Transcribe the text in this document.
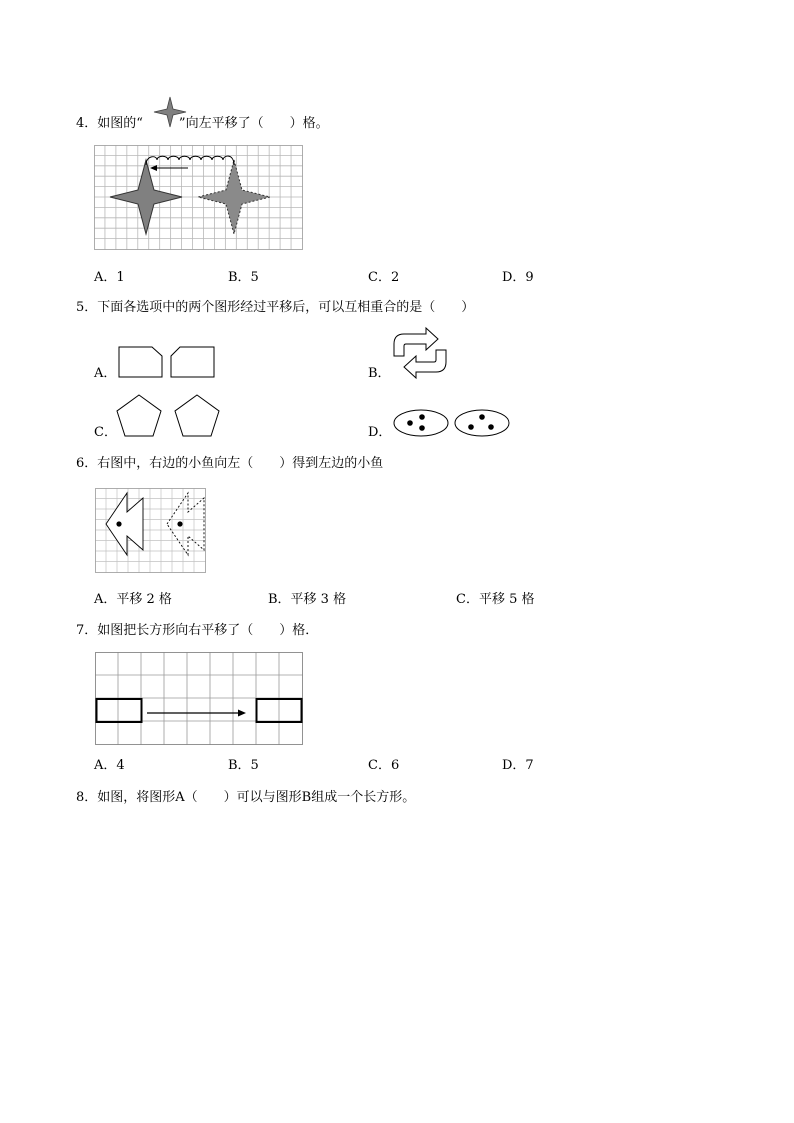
4．如图的“	”向左平移了（　　）格。
A．1	B．5	C．2	D．9
5．下面各选项中的两个图形经过平移后，可以互相重合的是（　　）
A．	B．
C．	D．
6．右图中，右边的小鱼向左（　　）得到左边的小鱼
A．平移 2 格	B．平移 3 格	C．平移 5 格
7．如图把长方形向右平移了（　　）格．
A．4	B．5	C．6	D．7
8．如图，将图形A（　　）可以与图形B组成一个长方形。
